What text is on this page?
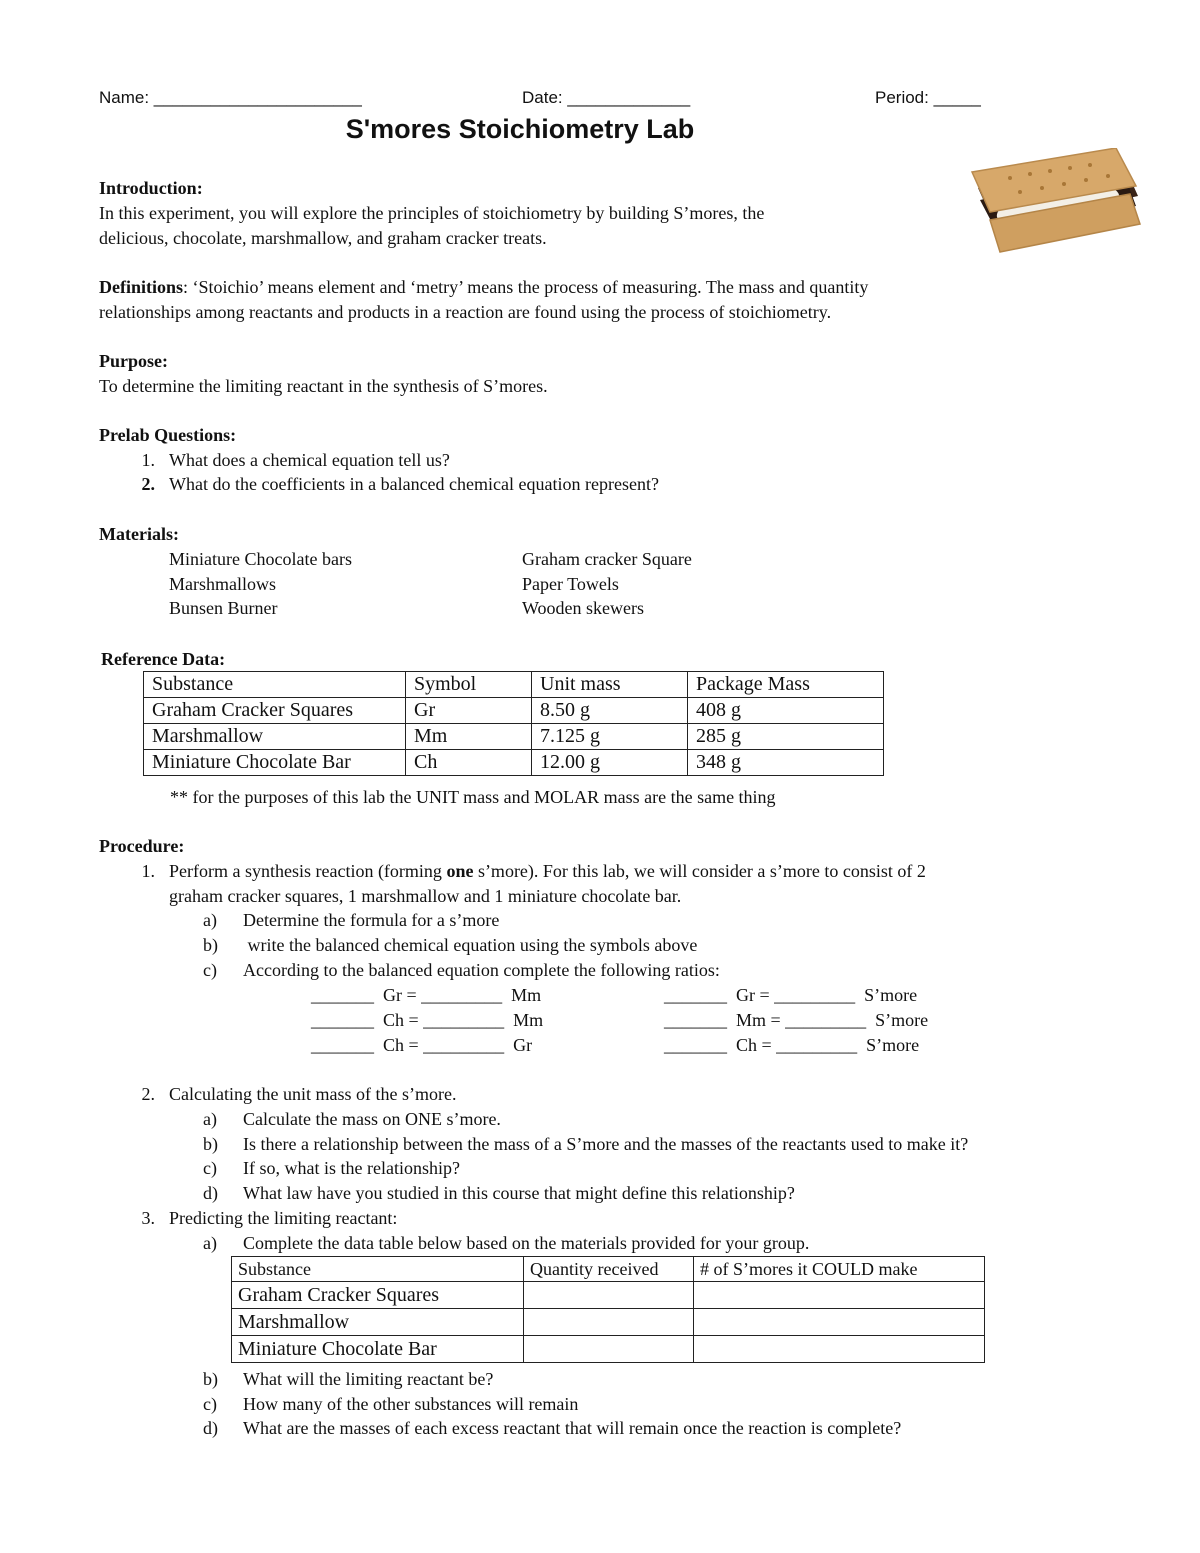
Name: ______________________	Date: _____________	Period: _____
S'mores Stoichiometry Lab
Introduction:
In this experiment, you will explore the principles of stoichiometry by building S’mores, the
delicious, chocolate, marshmallow, and graham cracker treats.
Definitions: ‘Stoichio’ means element and ‘metry’ means the process of measuring. The mass and quantity
relationships among reactants and products in a reaction are found using the process of stoichiometry.
Purpose:
To determine the limiting reactant in the synthesis of S’mores.
Prelab Questions:
1. What does a chemical equation tell us?
2. What do the coefficients in a balanced chemical equation represent?
Materials:
Miniature Chocolate bars
Marshmallows
Bunsen Burner
Graham cracker Square
Paper Towels
Wooden skewers
Reference Data:
Substance	Symbol	Unit mass	Package Mass
Graham Cracker Squares	Gr	8.50 g	408 g
Marshmallow	Mm	7.125 g	285 g
Miniature Chocolate Bar	Ch	12.00 g	348 g
** for the purposes of this lab the UNIT mass and MOLAR mass are the same thing
Procedure:
1. Perform a synthesis reaction (forming one s’more). For this lab, we will consider a s’more to consist of 2
graham cracker squares, 1 marshmallow and 1 miniature chocolate bar.
a) Determine the formula for a s’more
b) write the balanced chemical equation using the symbols above
c) According to the balanced equation complete the following ratios:
_______  Gr = _________  Mm
_______  Ch = _________  Mm
_______  Ch = _________  Gr
_______  Gr = _________  S’more
_______  Mm = _________  S’more
_______  Ch = _________  S’more
2. Calculating the unit mass of the s’more.
a) Calculate the mass on ONE s’more.
b) Is there a relationship between the mass of a S’more and the masses of the reactants used to make it?
c) If so, what is the relationship?
d) What law have you studied in this course that might define this relationship?
3. Predicting the limiting reactant:
a) Complete the data table below based on the materials provided for your group.
Substance	Quantity received	# of S’mores it COULD make
Graham Cracker Squares		
Marshmallow		
Miniature Chocolate Bar		
b) What will the limiting reactant be?
c) How many of the other substances will remain
d) What are the masses of each excess reactant that will remain once the reaction is complete?
